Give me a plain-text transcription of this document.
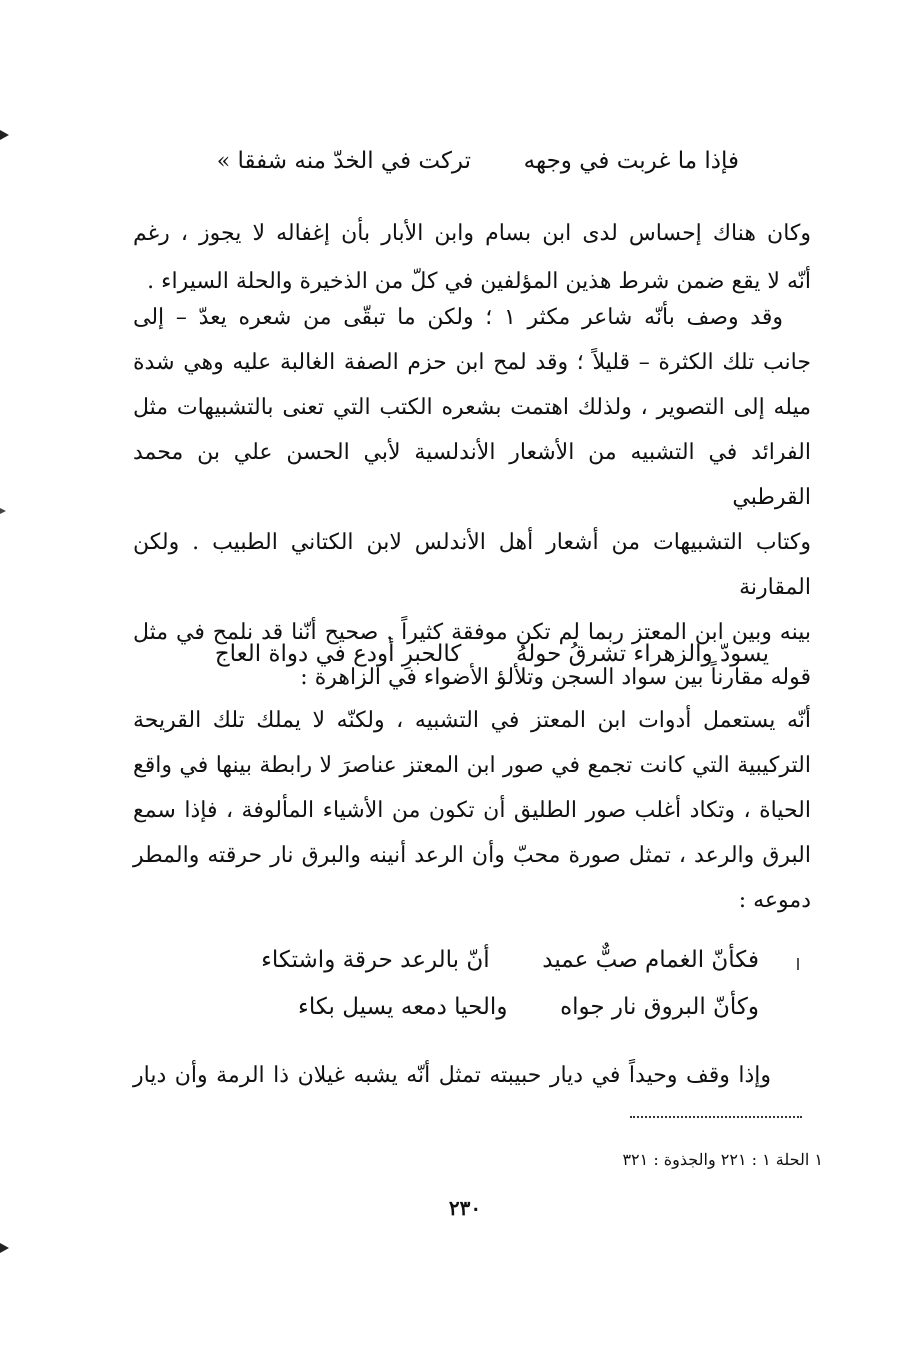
فإذا ما غربت في وجهه  تركت في الخدّ منه شفقا »

وكان هناك إحساس لدى ابن بسام وابن الأبار بأن إغفاله لا يجوز ، رغم

أنّه لا يقع ضمن شرط هذين المؤلفين في كلّ من الذخيرة والحلة السيراء .

وقد وصف بأنّه شاعر مكثر ١ ؛ ولكن ما تبقّى من شعره يعدّ – إلى

جانب تلك الكثرة – قليلاً ؛ وقد لمح ابن حزم الصفة الغالبة عليه وهي شدة

ميله إلى التصوير ، ولذلك اهتمت بشعره الكتب التي تعنى بالتشبيهات مثل

الفرائد في التشبيه من الأشعار الأندلسية لأبي الحسن علي بن محمد القرطبي

وكتاب التشبيهات من أشعار أهل الأندلس لابن الكتاني الطبيب . ولكن المقارنة

بينه وبين ابن المعتز ربما لم تكن موفقة كثيراً . صحيح أنّنا قد نلمح في مثل

قوله مقارناً بين سواد السجن وتلألؤ الأضواء في الزاهرة :

يسودّ والزهراء تشرقُ حولهُ  كالحبرِ أودع في دواة العاج

أنّه يستعمل أدوات ابن المعتز في التشبيه ، ولكنّه لا يملك تلك القريحة

التركيبية التي كانت تجمع في صور ابن المعتز عناصرَ لا رابطة بينها في واقع

الحياة ، وتكاد أغلب صور الطليق أن تكون من الأشياء المألوفة ، فإذا سمع

البرق والرعد ، تمثل صورة محبّ وأن الرعد أنينه والبرق نار حرقته والمطر

دموعه :

فكأنّ الغمام صبٌّ عميد  أنّ بالرعد حرقة واشتكاء
وكأنّ البروق نار جواه  والحيا دمعه يسيل بكاء

وإذا وقف وحيداً في ديار حبيبته تمثل أنّه يشبه غيلان ذا الرمة وأن ديار

١ الحلة ١ : ٢٢١ والجذوة : ٣٢١
٢٣٠
